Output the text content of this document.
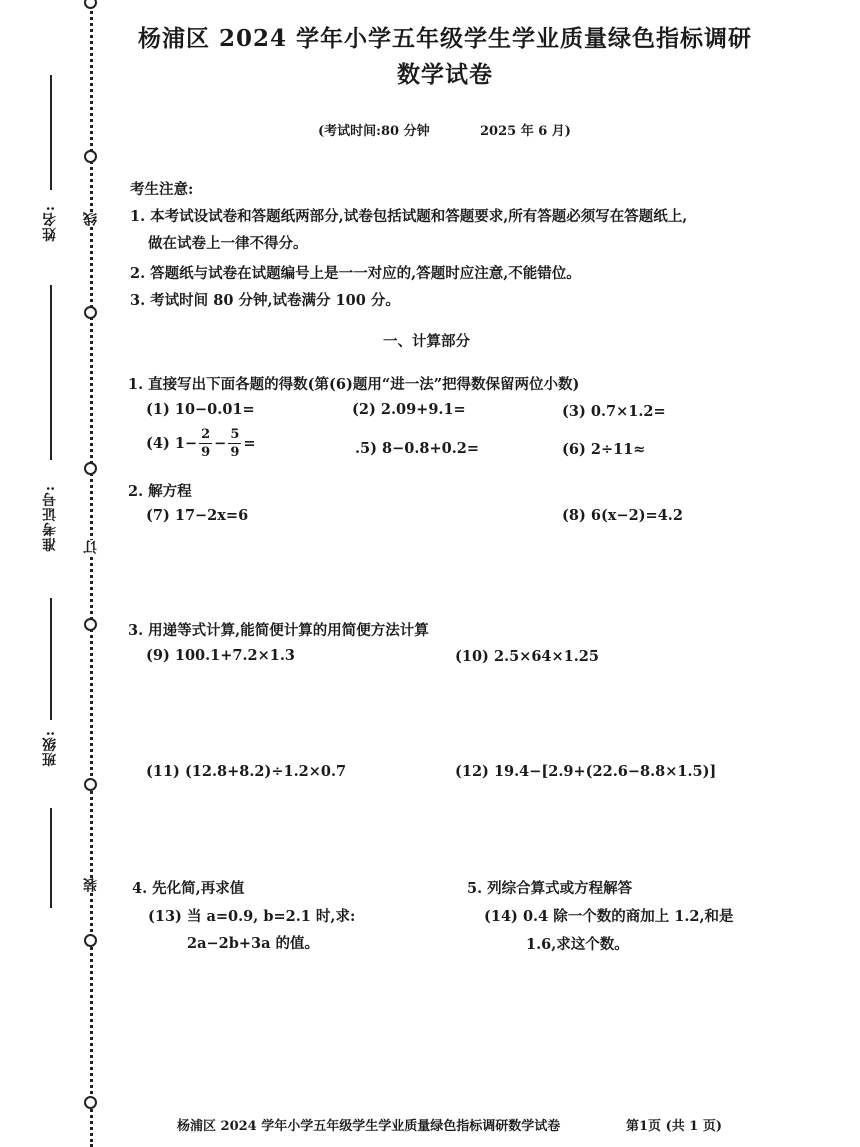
线
订
装
姓名:
准考证号:
班级:
杨浦区 2024 学年小学五年级学生学业质量绿色指标调研
数学试卷
(考试时间:80 分钟	2025 年 6 月)
考生注意:
1. 本考试设试卷和答题纸两部分,试卷包括试题和答题要求,所有答题必须写在答题纸上,
做在试卷上一律不得分。
2. 答题纸与试卷在试题编号上是一一对应的,答题时应注意,不能错位。
3. 考试时间 80 分钟,试卷满分 100 分。
一、计算部分
1. 直接写出下面各题的得数(第(6)题用“进一法”把得数保留两位小数)
(1) 10−0.01=	(2) 2.09+9.1=	(3) 0.7×1.2=
(4) $1- \frac{2}{9} - \frac{5}{9}$ =	.5) 8−0.8+0.2=	(6) 2÷11≈
2. 解方程
(7) 17−2x=6	(8) 6(x−2)=4.2
3. 用递等式计算,能简便计算的用简便方法计算
(9) 100.1+7.2×1.3	(10) 2.5×64×1.25
(11) (12.8+8.2)÷1.2×0.7	(12) 19.4−[2.9+(22.6−8.8×1.5)]
4. 先化简,再求值
(13) 当 a=0.9, b=2.1 时,求:
2a−2b+3a 的值。
5. 列综合算式或方程解答
(14) 0.4 除一个数的商加上 1.2,和是
1.6,求这个数。
杨浦区 2024 学年小学五年级学生学业质量绿色指标调研数学试卷	第1页 (共 1 页)
